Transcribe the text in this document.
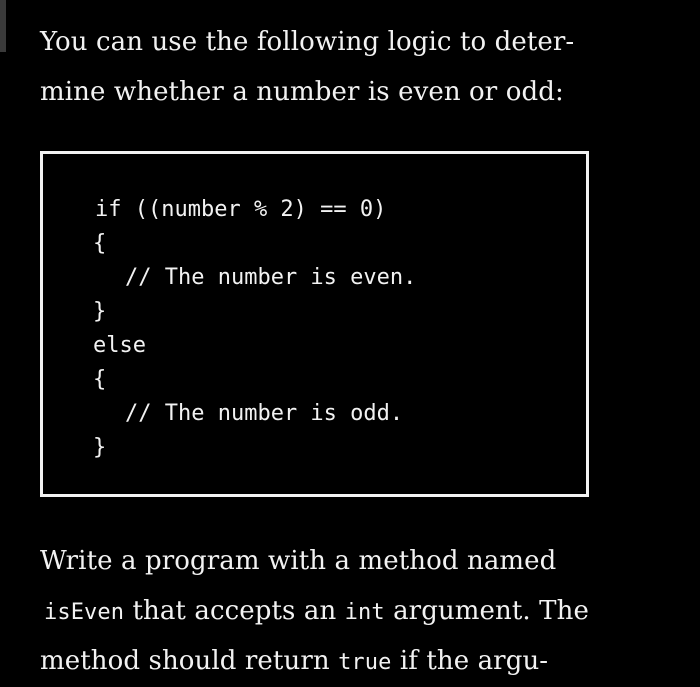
You can use the following logic to deter-
mine whether a number is even or odd:
if ((number % 2) == 0)
{
// The number is even.
}
else
{
// The number is odd.
}
Write a program with a method named
isEven that accepts an int argument. The
method should return true if the argu-
